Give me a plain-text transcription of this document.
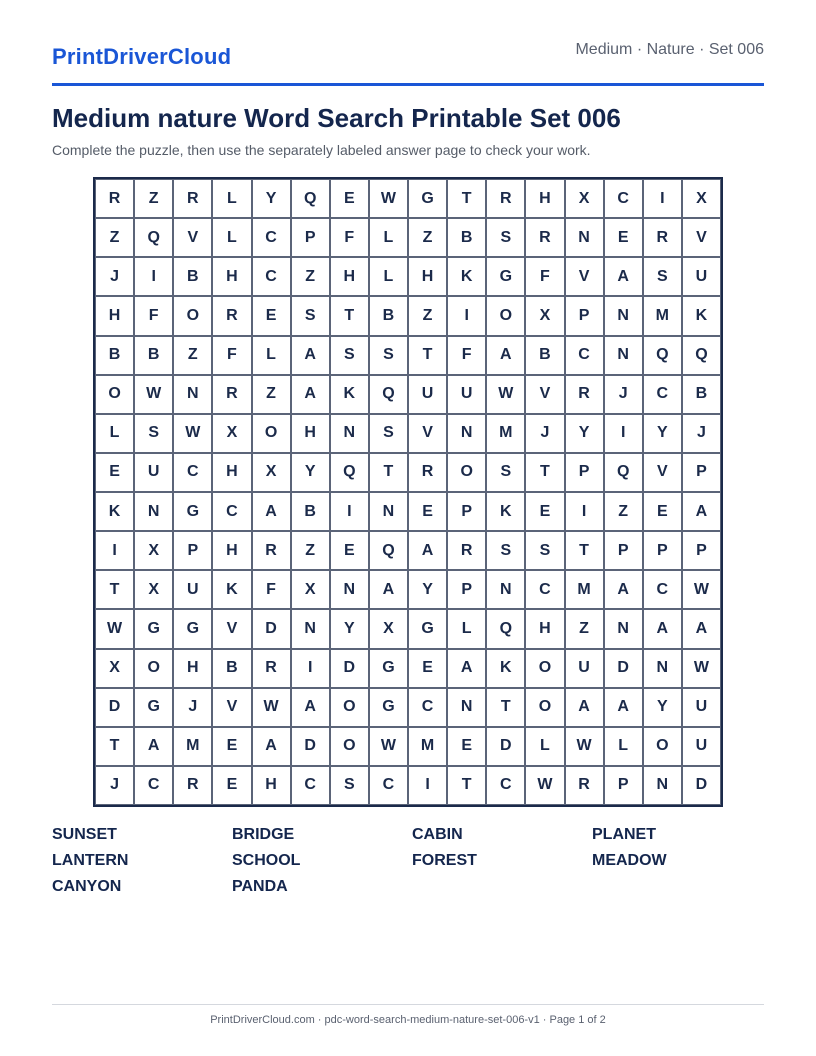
PrintDriverCloud	Medium · Nature · Set 006
Medium nature Word Search Printable Set 006
Complete the puzzle, then use the separately labeled answer page to check your work.
R	Z	R	L	Y	Q	E	W	G	T	R	H	X	C	I	X
Z	Q	V	L	C	P	F	L	Z	B	S	R	N	E	R	V
J	I	B	H	C	Z	H	L	H	K	G	F	V	A	S	U
H	F	O	R	E	S	T	B	Z	I	O	X	P	N	M	K
B	B	Z	F	L	A	S	S	T	F	A	B	C	N	Q	Q
O	W	N	R	Z	A	K	Q	U	U	W	V	R	J	C	B
L	S	W	X	O	H	N	S	V	N	M	J	Y	I	Y	J
E	U	C	H	X	Y	Q	T	R	O	S	T	P	Q	V	P
K	N	G	C	A	B	I	N	E	P	K	E	I	Z	E	A
I	X	P	H	R	Z	E	Q	A	R	S	S	T	P	P	P
T	X	U	K	F	X	N	A	Y	P	N	C	M	A	C	W
W	G	G	V	D	N	Y	X	G	L	Q	H	Z	N	A	A
X	O	H	B	R	I	D	G	E	A	K	O	U	D	N	W
D	G	J	V	W	A	O	G	C	N	T	O	A	A	Y	U
T	A	M	E	A	D	O	W	M	E	D	L	W	L	O	U
J	C	R	E	H	C	S	C	I	T	C	W	R	P	N	D
SUNSET	BRIDGE	CABIN	PLANET
LANTERN	SCHOOL	FOREST	MEADOW
CANYON	PANDA
PrintDriverCloud.com · pdc-word-search-medium-nature-set-006-v1 · Page 1 of 2
